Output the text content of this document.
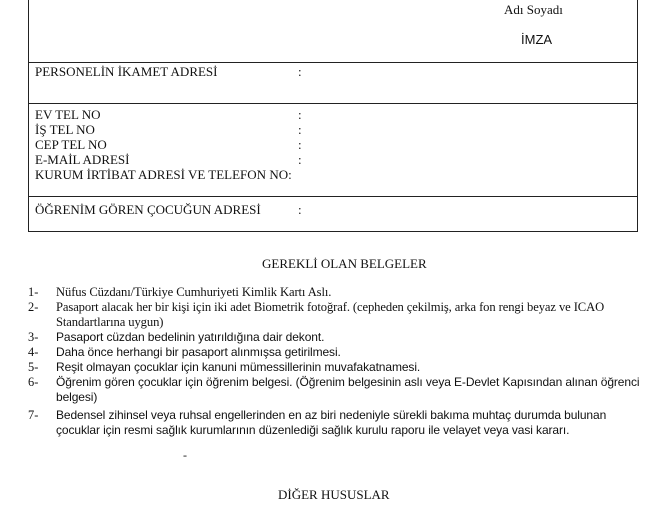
Adı Soyadı
İMZA
PERSONELİN İKAMET ADRESİ	:
EV TEL NO	:
İŞ TEL NO	:
CEP TEL NO	:
E-MAİL ADRESİ	:
KURUM İRTİBAT ADRESİ VE TELEFON NO:
ÖĞRENİM GÖREN ÇOCUĞUN ADRESİ	:
GEREKLİ OLAN BELGELER
1- Nüfus Cüzdanı/Türkiye Cumhuriyeti Kimlik Kartı Aslı.
2- Pasaport alacak her bir kişi için iki adet Biometrik fotoğraf. (cepheden çekilmiş, arka fon rengi beyaz ve ICAO Standartlarına uygun)
3- Pasaport cüzdan bedelinin yatırıldığına dair dekont.
4- Daha önce herhangi bir pasaport alınmışsa getirilmesi.
5- Reşit olmayan çocuklar için kanuni mümessillerinin muvafakatnamesi.
6- Öğrenim gören çocuklar için öğrenim belgesi. (Öğrenim belgesinin aslı veya E-Devlet Kapısından alınan öğrenci belgesi)
7- Bedensel zihinsel veya ruhsal engellerinden en az biri nedeniyle sürekli bakıma muhtaç durumda bulunan çocuklar için resmi sağlık kurumlarının düzenlediği sağlık kurulu raporu ile velayet veya vasi kararı.
-
DİĞER HUSUSLAR
